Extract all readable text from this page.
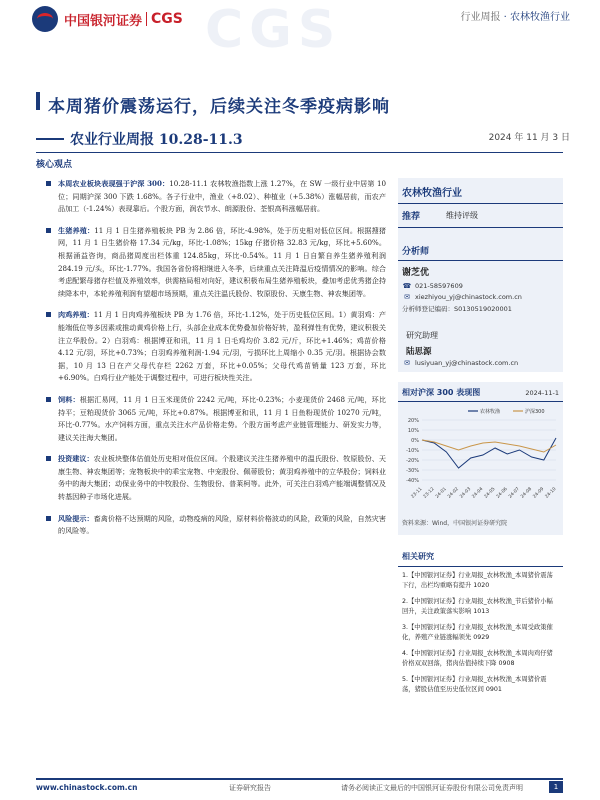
中国银河证券 CGS CGS	行业周报 · 农林牧渔行业
本周猪价震荡运行，后续关注冬季疫病影响
农业行业周报 10.28-11.3	2024 年 11 月 3 日
核心观点
本周农业板块表现强于沪深 300：10.28-11.1 农林牧渔指数上涨 1.27%，在 SW 一级行业中居第 10 位；同期沪深 300 下跌 1.68%。各子行业中，渔业（+8.02）、种植业（+5.38%）涨幅居前，而农产品加工（-1.24%）表现靠后。个股方面，润农节水、朗源股份、荃银高科涨幅居前。
生猪养殖：11 月 1 日生猪养殖板块 PB 为 2.86 倍，环比-4.98%，处于历史相对低位区间。根据搜猪网，11 月 1 日生猪价格 17.34 元/kg，环比-1.08%；15kg 仔猪价格 32.83 元/kg，环比+5.60%。根据涌益咨询，商品猪周度出栏体重 124.85kg，环比-0.54%。11 月 1 日自繁自养生猪养殖利润 284.19 元/头，环比-1.77%。我国各省份将相继进入冬季，后续重点关注降温后疫情情况的影响。综合考虑配繁母猪存栏值及养殖效率，供需格局相对向好，建议积极布局生猪养殖板块，叠加考虑优秀猪企持续降本中，本轮养殖利润有望超市场预期，重点关注温氏股份、牧原股份、天康生物、神农集团等。
肉鸡养殖：11 月 1 日肉鸡养殖板块 PB 为 1.76 倍，环比-1.12%，处于历史低位区间。1）黄羽鸡：产能端低位等多因素或推动黄鸡价格上行，头部企业成本优势叠加价格好转，盈利弹性有优势，建议积极关注立华股份。2）白羽鸡：根据博亚和讯，11 月 1 日毛鸡均价 3.82 元/斤，环比+1.46%；鸡苗价格 4.12 元/羽，环比+0.73%；白羽鸡养殖利润-1.94 元/羽，亏损环比上周缩小 0.35 元/羽。根据协会数据，10 月 13 日在产父母代存栏 2262 万套，环比+0.05%；父母代鸡苗销量 123 万套，环比+6.90%。白鸡行业产能处于调整过程中，可进行板块性关注。
饲料：根据汇易网，11 月 1 日玉米现货价 2242 元/吨，环比-0.23%；小麦现货价 2468 元/吨，环比持平；豆粕现货价 3065 元/吨，环比+0.87%。根据博亚和讯，11 月 1 日鱼粉现货价 10270 元/吨，环比-0.77%。水产饲料方面，重点关注水产品价格走势。个股方面考虑产业链管理能力、研发实力等，建议关注海大集团。
投资建议：农业板块整体估值处历史相对低位区间。个股建议关注生猪养殖中的温氏股份、牧原股份、天康生物、神农集团等；宠物板块中的乖宝宠物、中宠股份、佩蒂股份；黄羽鸡养殖中的立华股份；饲料业务中的海大集团；动保业务中的中牧股份、生物股份、普莱柯等。此外，可关注白羽鸡产能端调整情况及转基因种子市场化进展。
风险提示：畜禽价格不达预期的风险，动物疫病的风险，原材料价格波动的风险，政策的风险，自然灾害的风险等。
农林牧渔行业
推荐	维持评级
分析师
谢芝优
☎ 021-58597609
✉ xiezhiyou_yj@chinastock.com.cn
分析师登记编码： S0130519020001
研究助理
陆思源
✉ lusiyuan_yj@chinastock.com.cn
相对沪深 300 表现图	2024-11-1
20%
10%
0%
-10%
-20%
-30%
-40%
23-11 23-12 24-01 24-02 24-03 24-04 24-05 24-06 24-07 24-08 24-09 24-10
农林牧渔	沪深300
资料来源：Wind，中国银河证券研究院
相关研究
1.【中国银河证券】行业周报_农林牧渔_本周猪价震荡下行，出栏均重略有提升 1020
2.【中国银河证券】行业周报_农林牧渔_节后猪价小幅回升，关注政策落实影响 1013
3.【中国银河证券】行业周报_农林牧渔_本周受政策催化，养殖产业链涨幅领先 0929
4.【中国银河证券】行业周报_农林牧渔_本周肉鸡仔猪价格双双回落，猪肉估值持续下降 0908
5.【中国银河证券】行业周报_农林牧渔_本周猪价震荡，猪股估值至历史低位区间 0901
www.chinastock.com.cn	证券研究报告	请务必阅读正文最后的中国银河证券股份有限公司免责声明	1
